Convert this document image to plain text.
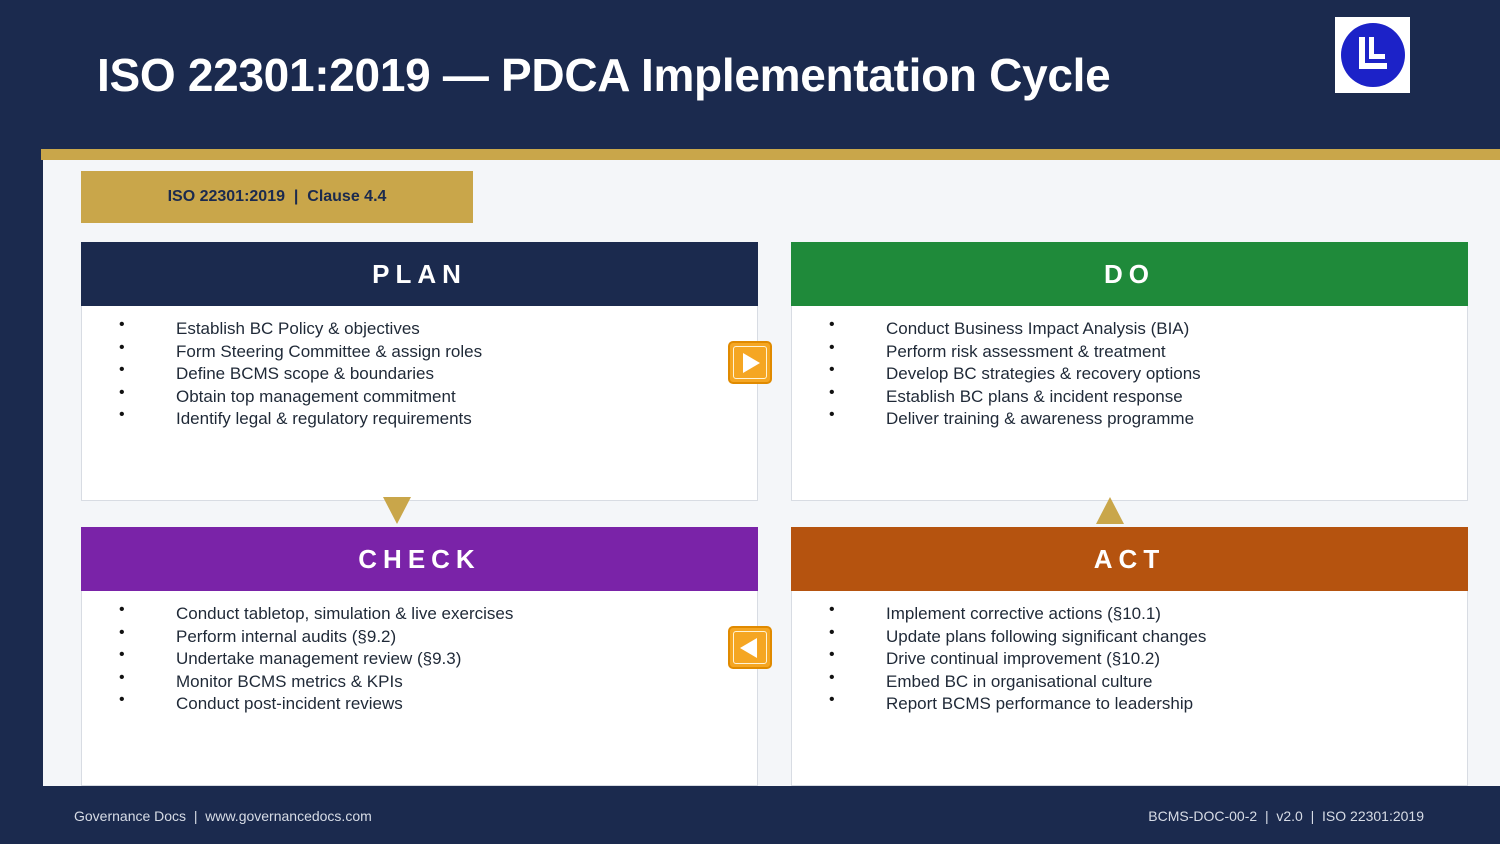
ISO 22301:2019 — PDCA Implementation Cycle
ISO 22301:2019  |  Clause 4.4
PLAN
• Establish BC Policy & objectives
• Form Steering Committee & assign roles
• Define BCMS scope & boundaries
• Obtain top management commitment
• Identify legal & regulatory requirements
DO
• Conduct Business Impact Analysis (BIA)
• Perform risk assessment & treatment
• Develop BC strategies & recovery options
• Establish BC plans & incident response
• Deliver training & awareness programme
CHECK
• Conduct tabletop, simulation & live exercises
• Perform internal audits (§9.2)
• Undertake management review (§9.3)
• Monitor BCMS metrics & KPIs
• Conduct post-incident reviews
ACT
• Implement corrective actions (§10.1)
• Update plans following significant changes
• Drive continual improvement (§10.2)
• Embed BC in organisational culture
• Report BCMS performance to leadership
Governance Docs  |  www.governancedocs.com	BCMS-DOC-00-2  |  v2.0  |  ISO 22301:2019
